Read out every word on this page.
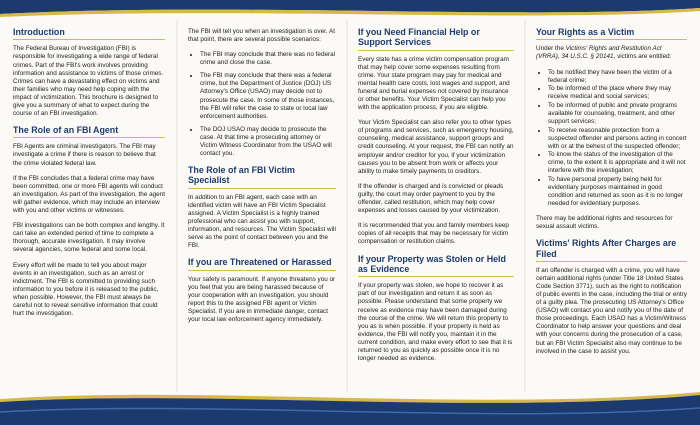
Introduction

The Federal Bureau of Investigation (FBI) is responsible for investigating a wide range of federal crimes. Part of the FBI's work involves providing information and assistance to victims of those crimes. Crimes can have a devastating effect on victims and their families who may need help coping with the impact of victimization. This brochure is designed to give you a summary of what to expect during the course of an FBI investigation.

The Role of an FBI Agent

FBI Agents are criminal investigators. The FBI may investigate a crime if there is reason to believe that the crime violated federal law.

If the FBI concludes that a federal crime may have been committed, one or more FBI agents will conduct an investigation. As part of the investigation, the agent will gather evidence, which may include an interview with you and other victims or witnesses.

FBI investigations can be both complex and lengthy. It can take an extended period of time to complete a thorough, accurate investigation. It may involve several agencies, some federal and some local.

Every effort will be made to tell you about major events in an investigation, such as an arrest or indictment. The FBI is committed to providing such information to you before it is released to the public, when possible. However, the FBI must always be careful not to reveal sensitive information that could hurt the investigation.

The FBI will tell you when an investigation is over. At that point, there are several possible scenarios:

• The FBI may conclude that there was no federal crime and close the case.
• The FBI may conclude that there was a federal crime, but the Department of Justice (DOJ) US Attorney's Office (USAO) may decide not to prosecute the case. In some of those instances, the FBI will refer the case to state or local law enforcement authorities.
• The DOJ USAO may decide to prosecute the case. At that time a prosecuting attorney or Victim Witness Coordinator from the USAO will contact you.
The Role of an FBI Victim Specialist

In addition to an FBI agent, each case with an identified victim will have an FBI Victim Specialist assigned. A Victim Specialist is a highly trained professional who can assist you with support, information, and resources. The Victim Specialist will serve as the point of contact between you and the FBI.

If you are Threatened or Harassed

Your safety is paramount. If anyone threatens you or you feel that you are being harassed because of your cooperation with an investigation, you should report this to the assigned FBI agent or Victim Specialist. If you are in immediate danger, contact your local law enforcement agency immediately.

If you Need Financial Help or Support Services

Every state has a crime victim compensation program that may help cover some expenses resulting from crime. Your state program may pay for medical and mental health care costs, lost wages and support, and funeral and burial expenses not covered by insurance or other benefits. Your Victim Specialist can help you with the application process, if you are eligible.

Your Victim Specialist can also refer you to other types of programs and services, such as emergency housing, counseling, medical assistance, support groups and credit counseling. At your request, the FBI can notify an employer and/or creditor for you, if your victimization causes you to be absent from work or affects your ability to make timely payments to creditors.

If the offender is charged and is convicted or pleads guilty, the court may order payment to you by the offender, called restitution, which may help cover expenses and losses caused by your victimization.

It is recommended that you and family members keep copies of all receipts that may be necessary for victim compensation or restitution claims.

If your Property was Stolen or Held as Evidence

If your property was stolen, we hope to recover it as part of our investigation and return it as soon as possible. Please understand that some property we receive as evidence may have been damaged during the course of the crime. We will return this property to you as is when possible. If your property is held as evidence, the FBI will notify you, maintain it in the current condition, and make every effort to see that it is returned to you as quickly as possible once it is no longer needed as evidence.

Your Rights as a Victim

Under the Victims' Rights and Restitution Act (VRRA), 34 U.S.C. § 20141, victims are entitled:

• To be notified they have been the victim of a federal crime;
• To be informed of the place where they may receive medical and social services;
• To be informed of public and private programs available for counseling, treatment, and other support services;
• To receive reasonable protection from a suspected offender and persons acting in concert with or at the behest of the suspected offender;
• To know the status of the investigation of the crime, to the extent it is appropriate and it will not interfere with the investigation;
• To have personal property being held for evidentiary purposes maintained in good condition and returned as soon as it is no longer needed for evidentiary purposes.

There may be additional rights and resources for sexual assault victims.

Victims' Rights After Charges are Filed

If an offender is charged with a crime, you will have certain additional rights (under Title 18 United States Code Section 3771), such as the right to notification of public events in the case, including the trial or entry of a guilty plea. The prosecuting US Attorney's Office (USAO) will contact you and notify you of the date of those proceedings. Each USAO has a Victim/Witness Coordinator to help answer your questions and deal with your concerns during the prosecution of a case, but an FBI Victim Specialist also may continue to be involved in the case to assist you.
